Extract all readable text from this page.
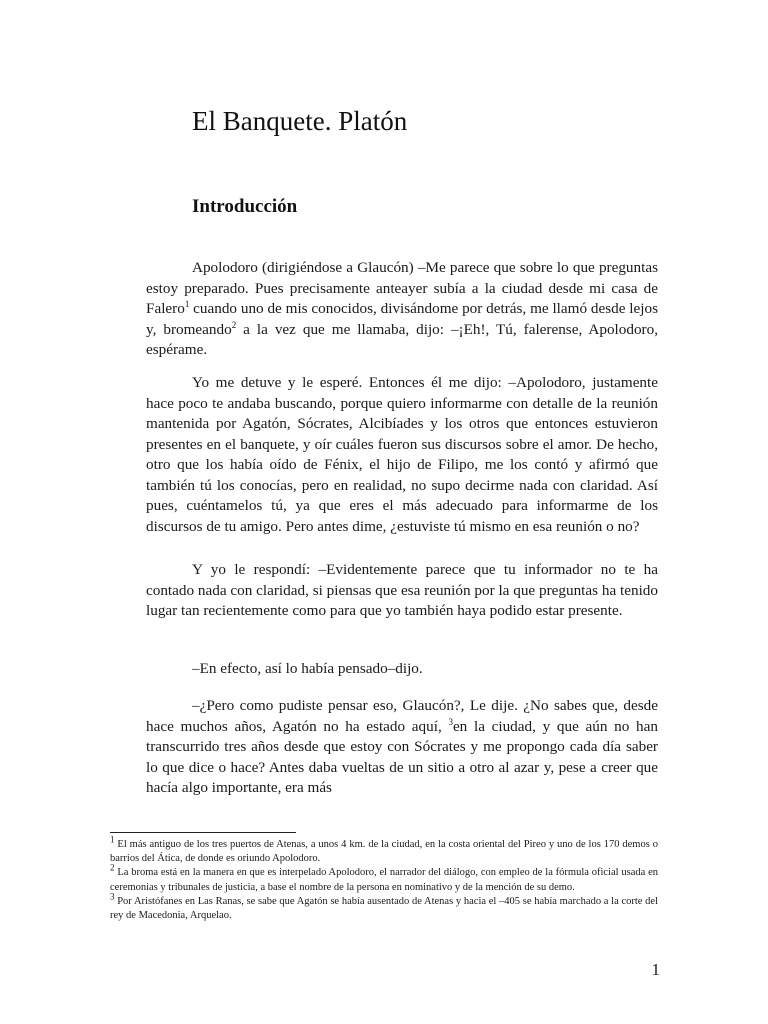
El Banquete. Platón
Introducción

Apolodoro (dirigiéndose a Glaucón) –Me parece que sobre lo que preguntas estoy preparado. Pues precisamente anteayer subía a la ciudad desde mi casa de Falero$^1$ cuando uno de mis conocidos, divisándome por detrás, me llamó desde lejos y, bromeando$^2$ a la vez que me llamaba, dijo: –¡Eh!, Tú, falerense, Apolodoro, espérame.

Yo me detuve y le esperé. Entonces él me dijo: –Apolodoro, justamente hace poco te andaba buscando, porque quiero informarme con detalle de la reunión mantenida por Agatón, Sócrates, Alcibíades y los otros que entonces estuvieron presentes en el banquete, y oír cuáles fueron sus discursos sobre el amor. De hecho, otro que los había oído de Fénix, el hijo de Filipo, me los contó y afirmó que también tú los conocías, pero en realidad, no supo decirme nada con claridad. Así pues, cuéntamelos tú, ya que eres el más adecuado para informarme de los discursos de tu amigo. Pero antes dime, ¿estuviste tú mismo en esa reunión o no?

Y yo le respondí: –Evidentemente parece que tu informador no te ha contado nada con claridad, si piensas que esa reunión por la que preguntas ha tenido lugar tan recientemente como para que yo también haya podido estar presente.

–En efecto, así lo había pensado–dijo.

–¿Pero como pudiste pensar eso, Glaucón?, Le dije. ¿No sabes que, desde hace muchos años, Agatón no ha estado aquí, $^3$en la ciudad, y que aún no han transcurrido tres años desde que estoy con Sócrates y me propongo cada día saber lo que dice o hace? Antes daba vueltas de un sitio a otro al azar y, pese a creer que hacía algo importante, era más

$^1$ El más antiguo de los tres puertos de Atenas, a unos 4 km. de la ciudad, en la costa oriental del Pireo y uno de los 170 demos o barrios del Ática, de donde es oriundo Apolodoro.

$^2$ La broma está en la manera en que es interpelado Apolodoro, el narrador del diálogo, con empleo de la fórmula oficial usada en ceremonias y tribunales de justicia, a base el nombre de la persona en nominativo y de la mención de su demo.

$^3$ Por Aristófanes en Las Ranas, se sabe que Agatón se había ausentado de Atenas y hacia el –405 se había marchado a la corte del rey de Macedonia, Arquelao.

1
